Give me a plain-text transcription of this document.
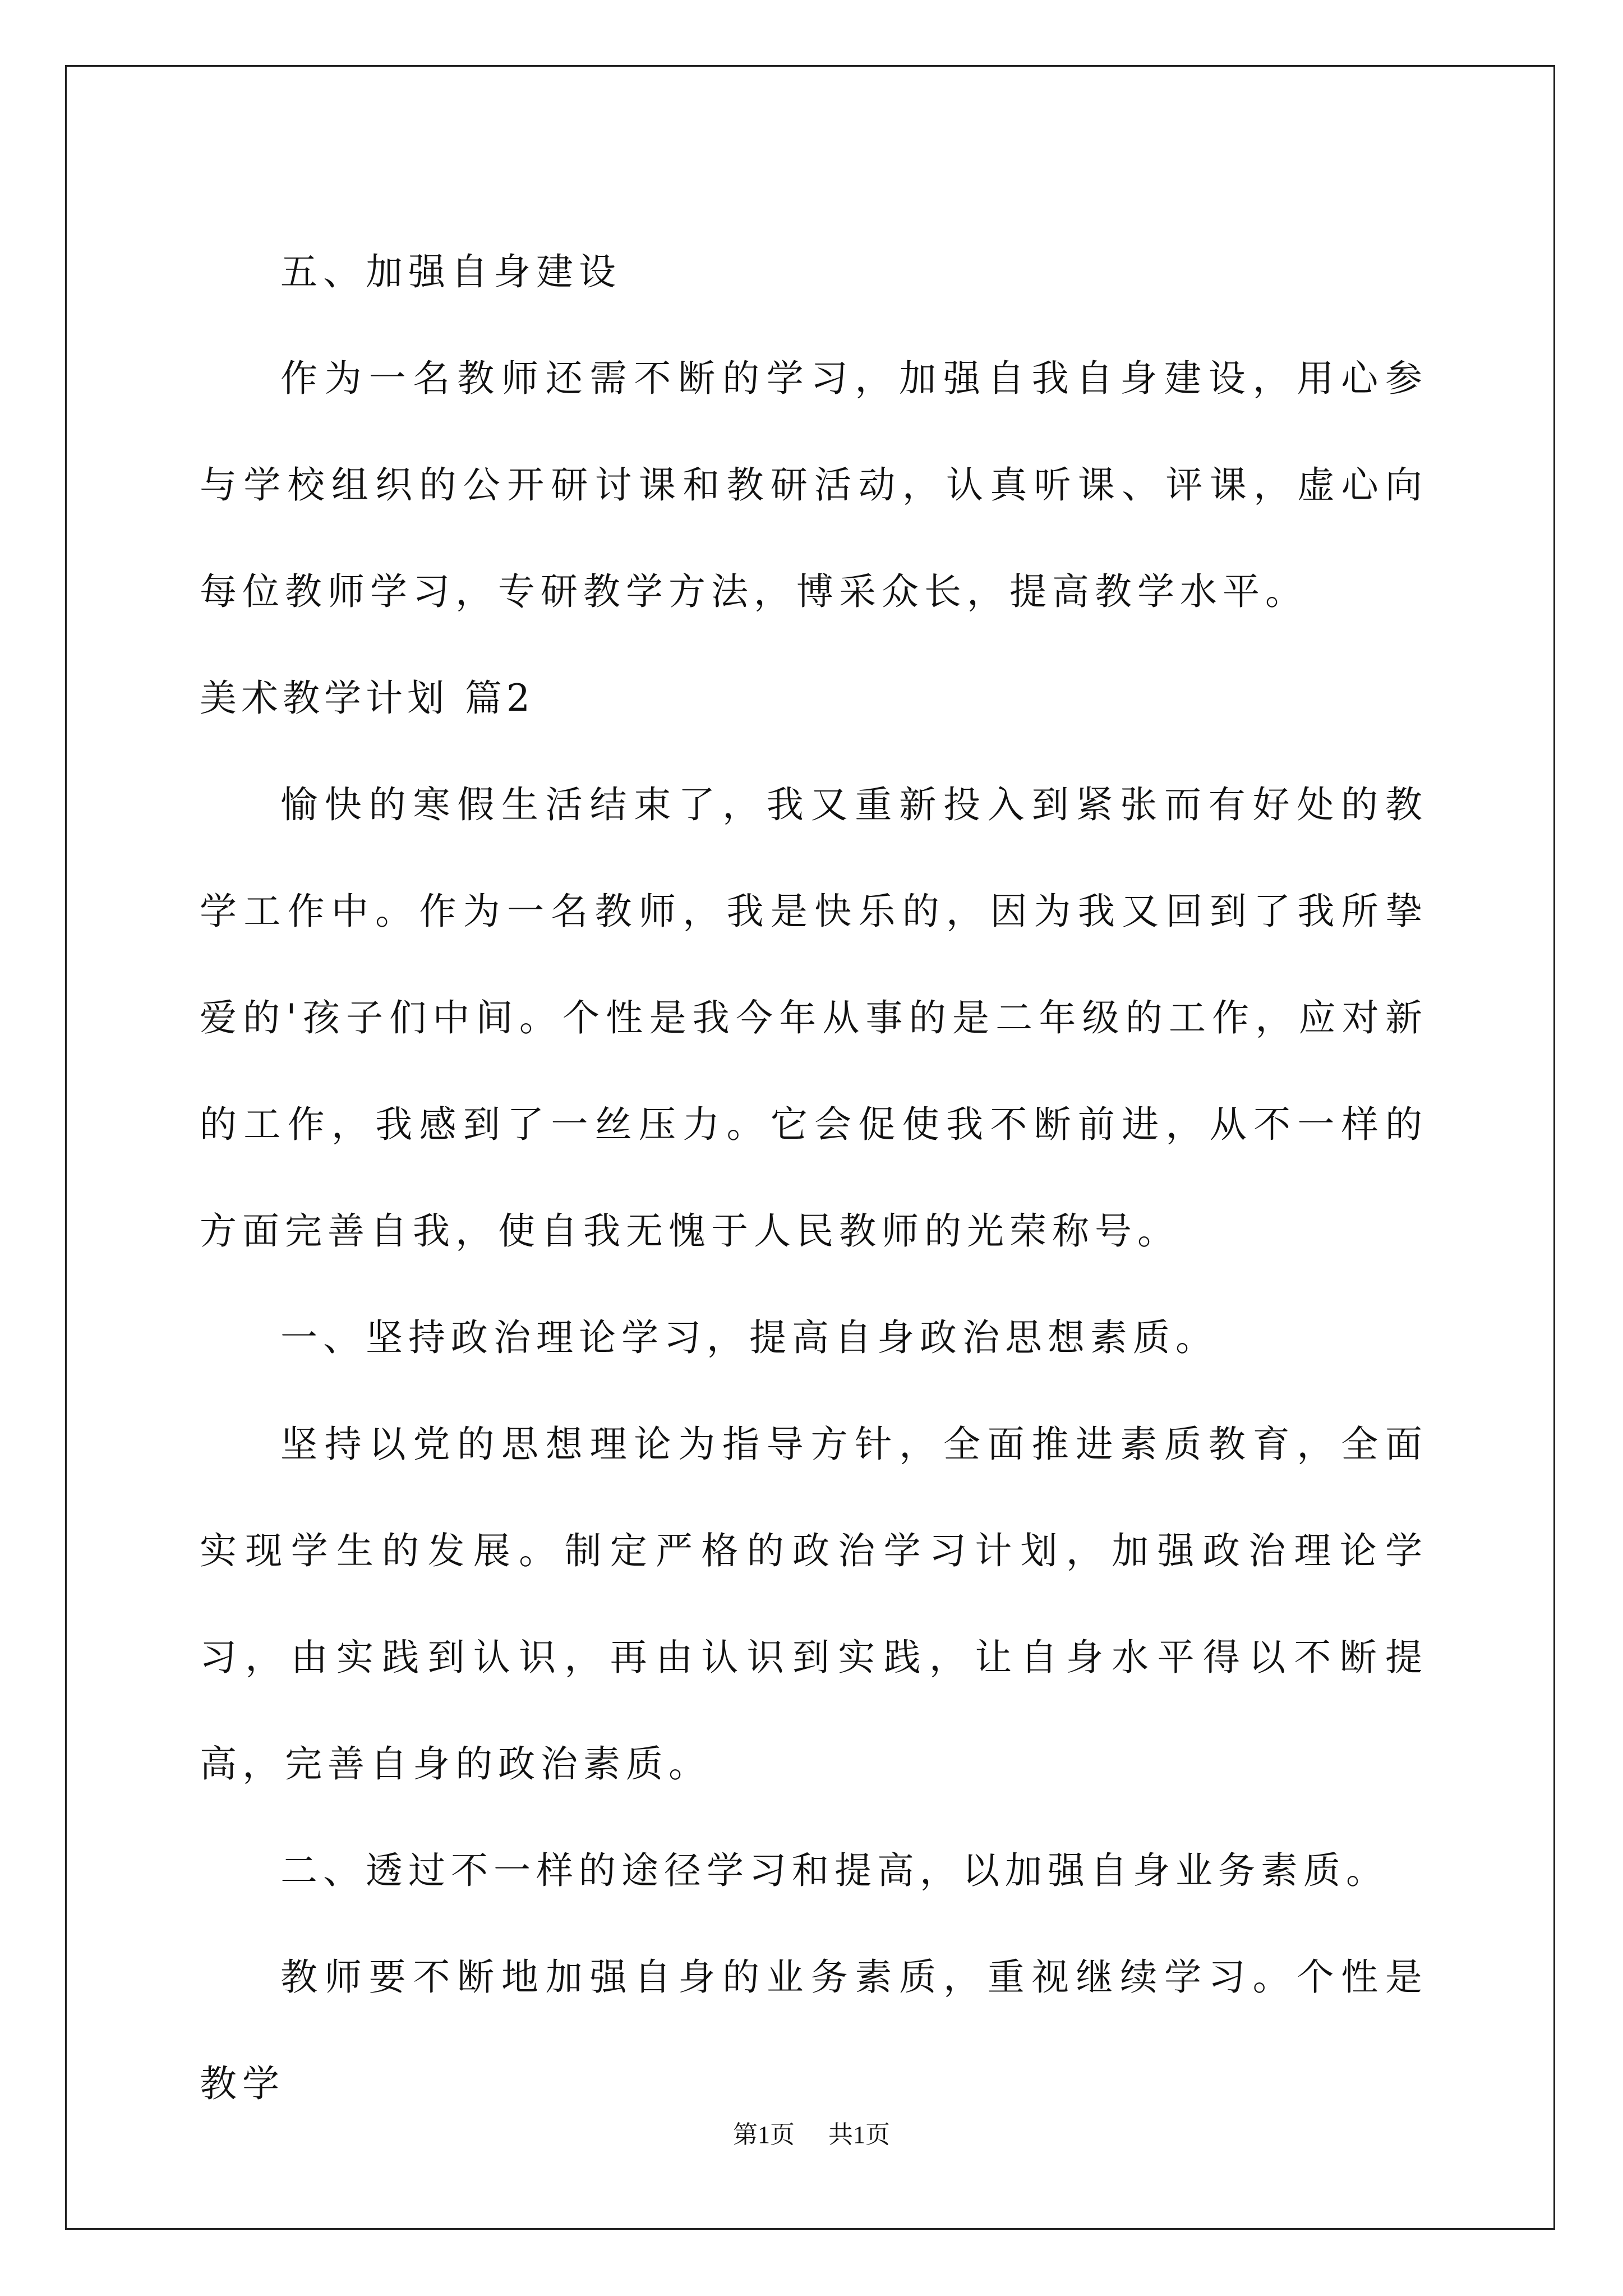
五、加强自身建设

作为一名教师还需不断的学习，加强自我自身建设，用心参与学校组织的公开研讨课和教研活动，认真听课、评课，虚心向每位教师学习，专研教学方法，博采众长，提高教学水平。

美术教学计划 篇2

愉快的寒假生活结束了，我又重新投入到紧张而有好处的教学工作中。作为一名教师，我是快乐的，因为我又回到了我所挚爱的'孩子们中间。个性是我今年从事的是二年级的工作，应对新的工作，我感到了一丝压力。它会促使我不断前进，从不一样的方面完善自我，使自我无愧于人民教师的光荣称号。

一、坚持政治理论学习，提高自身政治思想素质。

坚持以党的思想理论为指导方针，全面推进素质教育，全面实现学生的发展。制定严格的政治学习计划，加强政治理论学习，由实践到认识，再由认识到实践，让自身水平得以不断提高，完善自身的政治素质。

二、透过不一样的途径学习和提高，以加强自身业务素质。

教师要不断地加强自身的业务素质，重视继续学习。个性是教学

第1页 共1页
